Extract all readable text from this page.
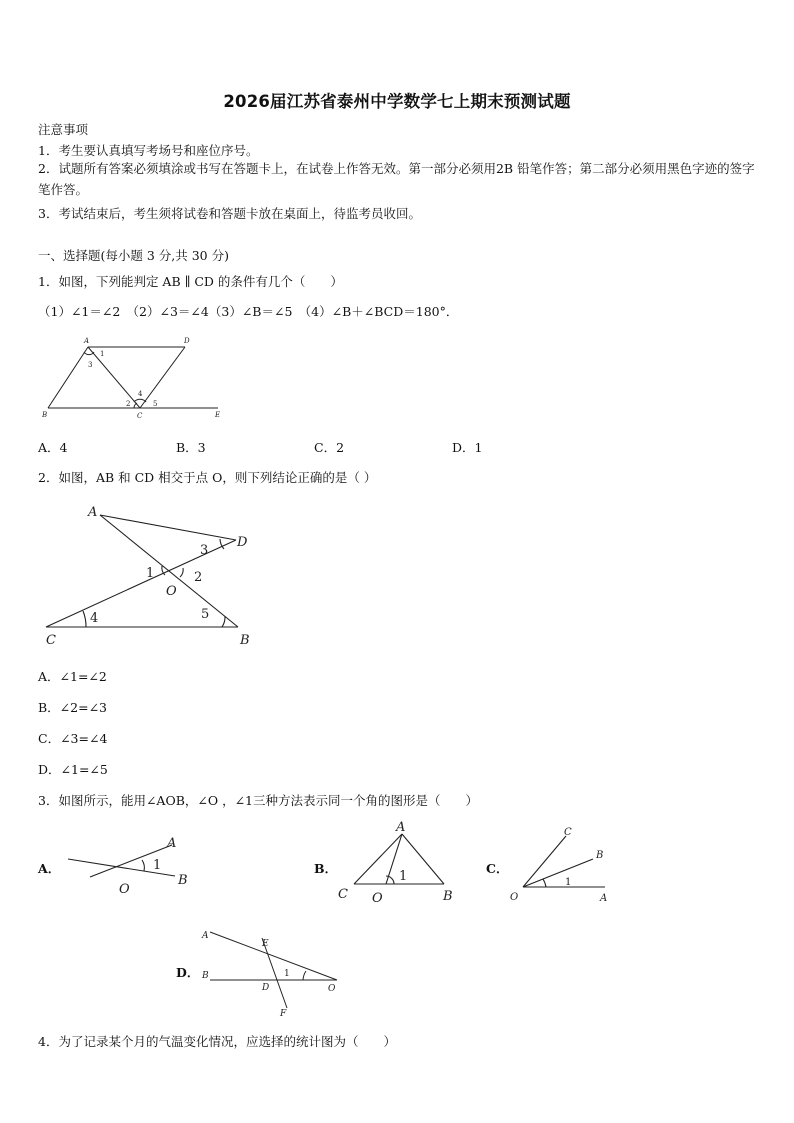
2026届江苏省泰州中学数学七上期末预测试题
注意事项
1．考生要认真填写考场号和座位序号。
2．试题所有答案必须填涂或书写在答题卡上，在试卷上作答无效。第一部分必须用2B 铅笔作答；第二部分必须用黑色字迹的签字笔作答。
3．考试结束后，考生须将试卷和答题卡放在桌面上，待监考员收回。
一、选择题(每小题 3 分,共 30 分)
1．如图，下列能判定 AB ∥ CD 的条件有几个（　　）
（1）∠1＝∠2　（2）∠3＝∠4（3）∠B＝∠5　（4）∠B＋∠BCD＝180°．
A	D
B	C	E
1
2
3
4
5
A．4	B．3	C．2	D．1
2．如图，AB 和 CD 相交于点 O，则下列结论正确的是（ ）
A
D
O
C	B
1	2
3
4	5
A．∠1=∠2
B．∠2=∠3
C．∠3=∠4
D．∠1=∠5
3．如图所示，能用∠AOB，∠O ，∠1三种方法表示同一个角的图形是（　　）
A．
A
O
B
1	B．
A
C O	B
1
C．
C
B
O	A
1
D．
A
E
B
D	O
F
1
4．为了记录某个月的气温变化情况，应选择的统计图为（　　）
